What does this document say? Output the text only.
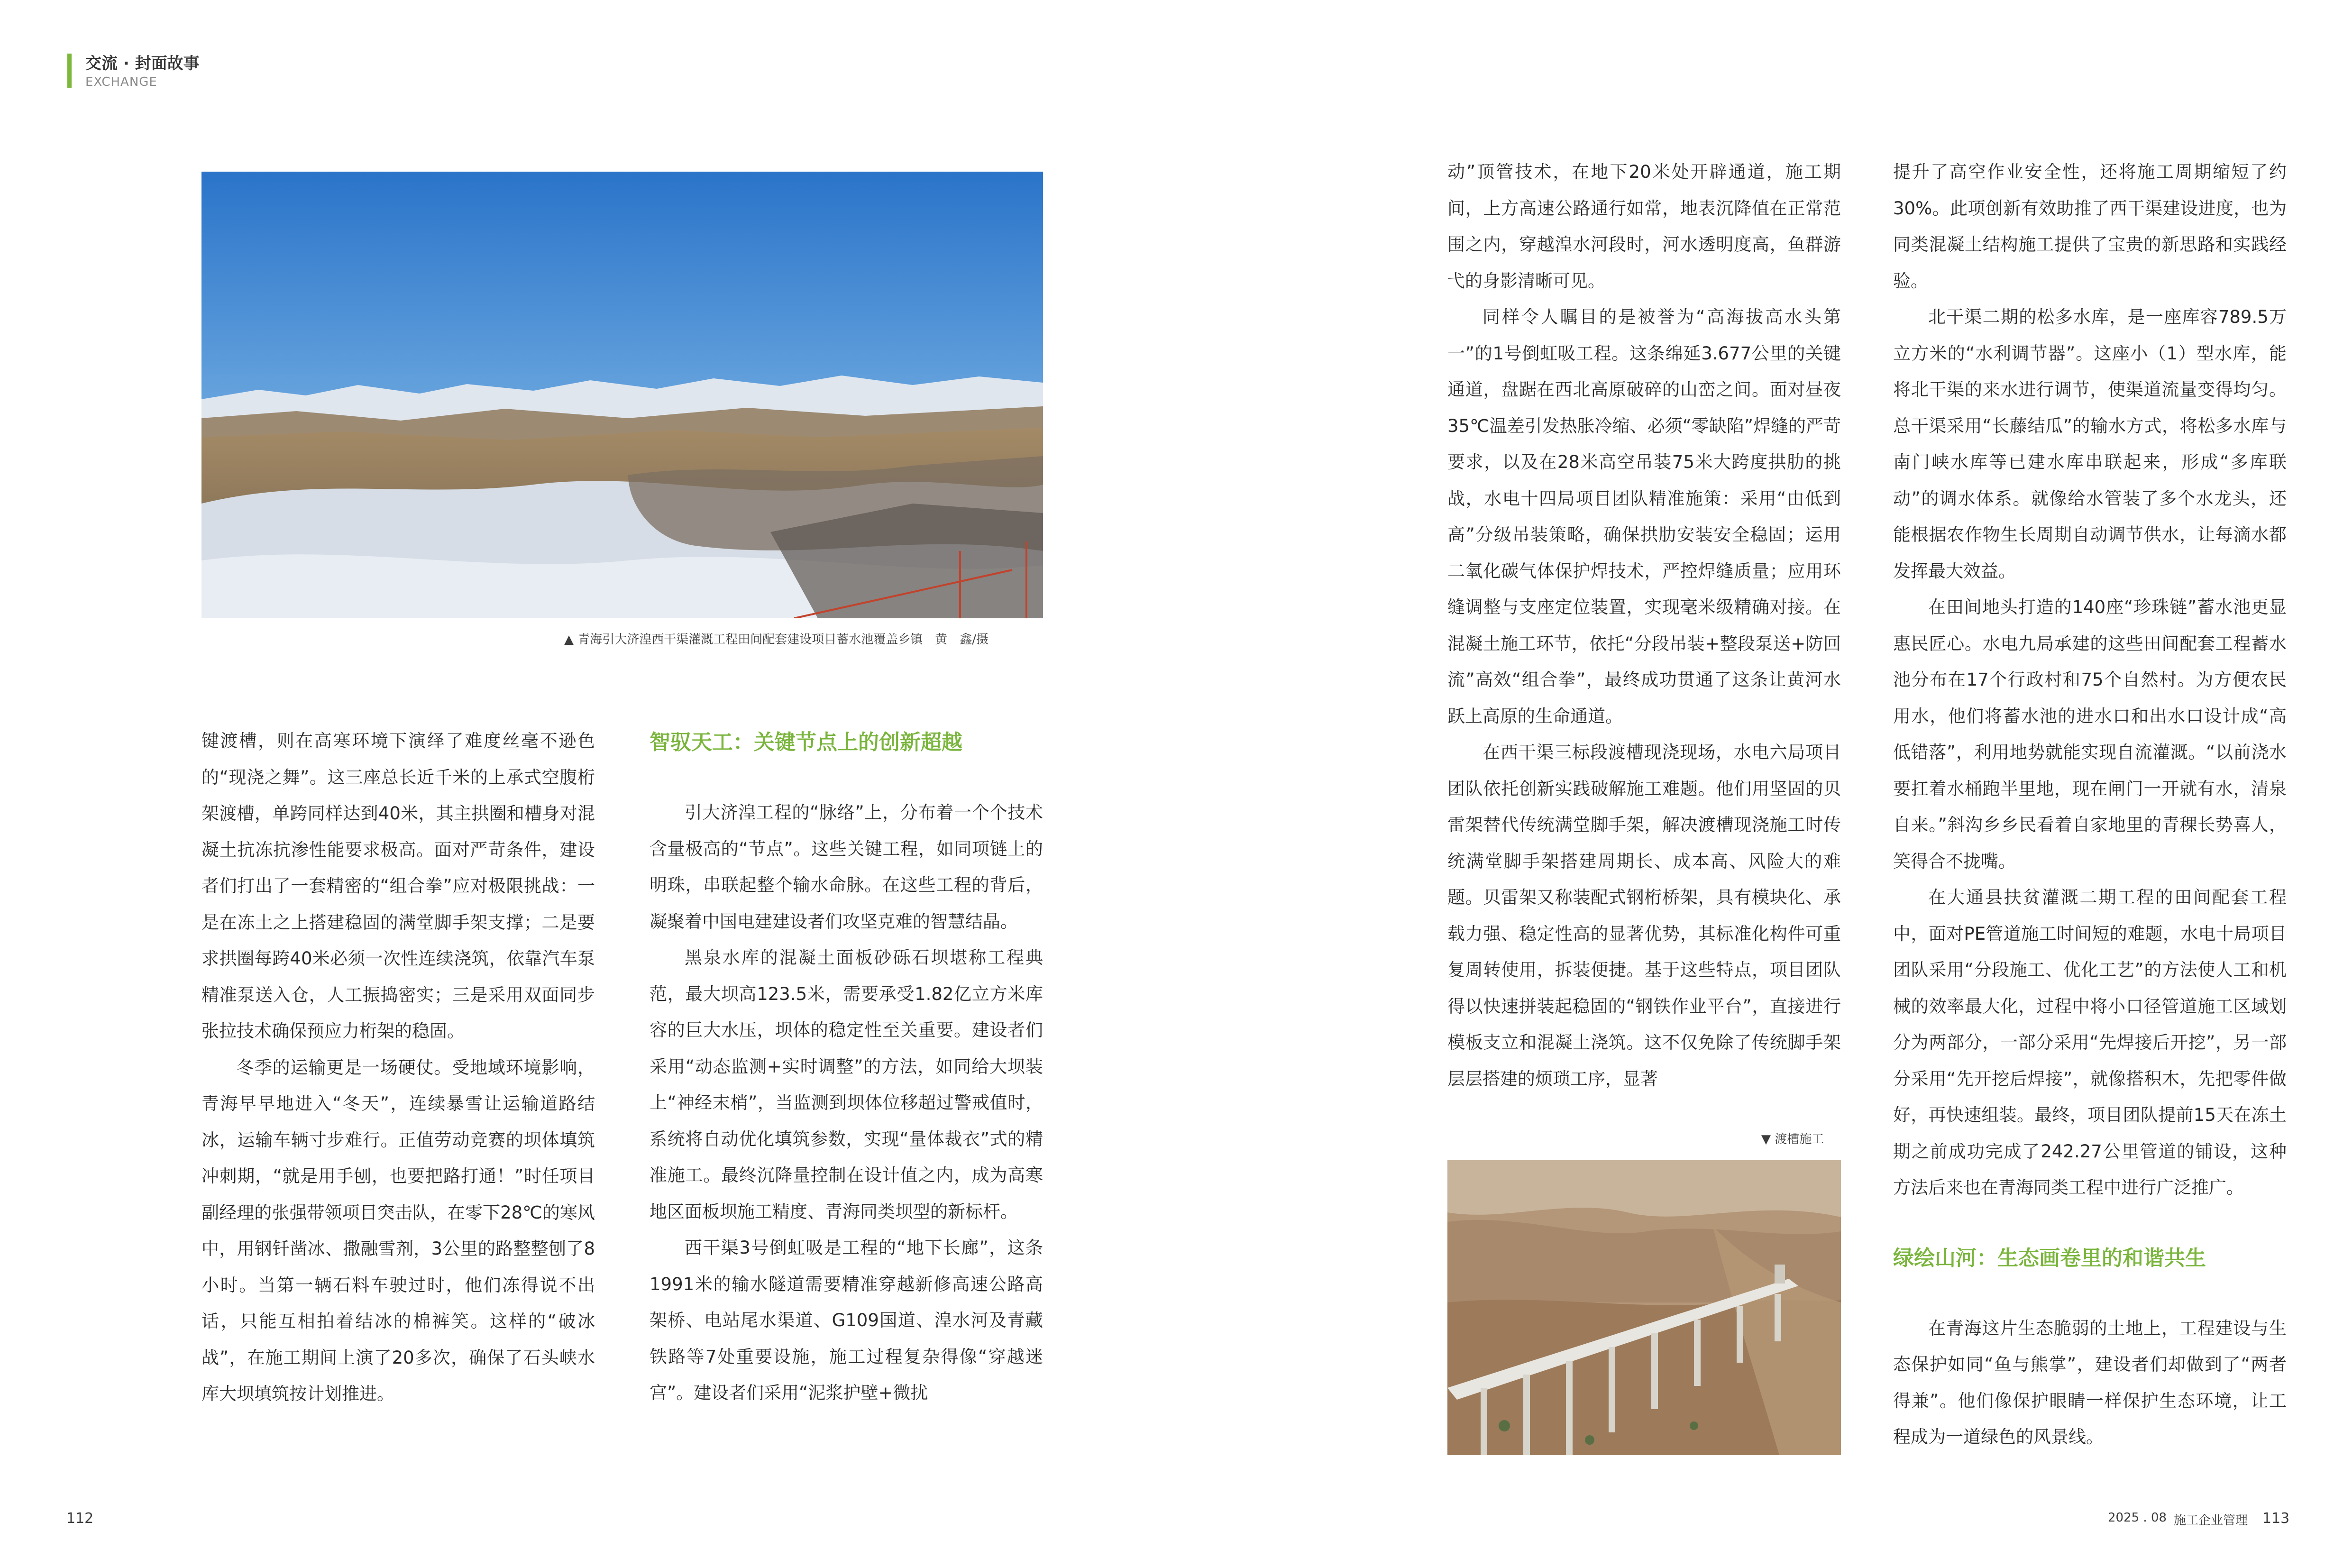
交流 · 封面故事
EXCHANGE
▲ 青海引大济湟西干渠灌溉工程田间配套建设项目蓄水池覆盖乡镇　黄　鑫/摄

键渡槽，则在高寒环境下演绎了难度丝毫不逊色的“现浇之舞”。这三座总长近千米的上承式空腹桁架渡槽，单跨同样达到40米，其主拱圈和槽身对混凝土抗冻抗渗性能要求极高。面对严苛条件，建设者们打出了一套精密的“组合拳”应对极限挑战：一是在冻土之上搭建稳固的满堂脚手架支撑；二是要求拱圈每跨40米必须一次性连续浇筑，依靠汽车泵精准泵送入仓，人工振捣密实；三是采用双面同步张拉技术确保预应力桁架的稳固。

冬季的运输更是一场硬仗。受地域环境影响，青海早早地进入“冬天”，连续暴雪让运输道路结冰，运输车辆寸步难行。正值劳动竞赛的坝体填筑冲刺期，“就是用手刨，也要把路打通！”时任项目副经理的张强带领项目突击队，在零下28℃的寒风中，用钢钎凿冰、撒融雪剂，3公里的路整整刨了8小时。当第一辆石料车驶过时，他们冻得说不出话，只能互相拍着结冰的棉裤笑。这样的“破冰战”，在施工期间上演了20多次，确保了石头峡水库大坝填筑按计划推进。

智驭天工：关键节点上的创新超越

引大济湟工程的“脉络”上，分布着一个个技术含量极高的“节点”。这些关键工程，如同项链上的明珠，串联起整个输水命脉。在这些工程的背后，凝聚着中国电建建设者们攻坚克难的智慧结晶。

黑泉水库的混凝土面板砂砾石坝堪称工程典范，最大坝高123.5米，需要承受1.82亿立方米库容的巨大水压，坝体的稳定性至关重要。建设者们采用“动态监测+实时调整”的方法，如同给大坝装上“神经末梢”，当监测到坝体位移超过警戒值时，系统将自动优化填筑参数，实现“量体裁衣”式的精准施工。最终沉降量控制在设计值之内，成为高寒地区面板坝施工精度、青海同类坝型的新标杆。

西干渠3号倒虹吸是工程的“地下长廊”，这条1991米的输水隧道需要精准穿越新修高速公路高架桥、电站尾水渠道、G109国道、湟水河及青藏铁路等7处重要设施，施工过程复杂得像“穿越迷宫”。建设者们采用“泥浆护壁+微扰

动”顶管技术，在地下20米处开辟通道，施工期间，上方高速公路通行如常，地表沉降值在正常范围之内，穿越湟水河段时，河水透明度高，鱼群游弋的身影清晰可见。

同样令人瞩目的是被誉为“高海拔高水头第一”的1号倒虹吸工程。这条绵延3.677公里的关键通道，盘踞在西北高原破碎的山峦之间。面对昼夜35℃温差引发热胀冷缩、必须“零缺陷”焊缝的严苛要求，以及在28米高空吊装75米大跨度拱肋的挑战，水电十四局项目团队精准施策：采用“由低到高”分级吊装策略，确保拱肋安装安全稳固；运用二氧化碳气体保护焊技术，严控焊缝质量；应用环缝调整与支座定位装置，实现毫米级精确对接。在混凝土施工环节，依托“分段吊装+整段泵送+防回流”高效“组合拳”，最终成功贯通了这条让黄河水跃上高原的生命通道。

在西干渠三标段渡槽现浇现场，水电六局项目团队依托创新实践破解施工难题。他们用坚固的贝雷架替代传统满堂脚手架，解决渡槽现浇施工时传统满堂脚手架搭建周期长、成本高、风险大的难题。贝雷架又称装配式钢桁桥架，具有模块化、承载力强、稳定性高的显著优势，其标准化构件可重复周转使用，拆装便捷。基于这些特点，项目团队得以快速拼装起稳固的“钢铁作业平台”，直接进行模板支立和混凝土浇筑。这不仅免除了传统脚手架层层搭建的烦琐工序，显著

▼ 渡槽施工

提升了高空作业安全性，还将施工周期缩短了约30%。此项创新有效助推了西干渠建设进度，也为同类混凝土结构施工提供了宝贵的新思路和实践经验。

北干渠二期的松多水库，是一座库容789.5万立方米的“水利调节器”。这座小（1）型水库，能将北干渠的来水进行调节，使渠道流量变得均匀。总干渠采用“长藤结瓜”的输水方式，将松多水库与南门峡水库等已建水库串联起来，形成“多库联动”的调水体系。就像给水管装了多个水龙头，还能根据农作物生长周期自动调节供水，让每滴水都发挥最大效益。

在田间地头打造的140座“珍珠链”蓄水池更显惠民匠心。水电九局承建的这些田间配套工程蓄水池分布在17个行政村和75个自然村。为方便农民用水，他们将蓄水池的进水口和出水口设计成“高低错落”，利用地势就能实现自流灌溉。“以前浇水要扛着水桶跑半里地，现在闸门一开就有水，清泉自来。”斜沟乡乡民看着自家地里的青稞长势喜人，笑得合不拢嘴。

在大通县扶贫灌溉二期工程的田间配套工程中，面对PE管道施工时间短的难题，水电十局项目团队采用“分段施工、优化工艺”的方法使人工和机械的效率最大化，过程中将小口径管道施工区域划分为两部分，一部分采用“先焊接后开挖”，另一部分采用“先开挖后焊接”，就像搭积木，先把零件做好，再快速组装。最终，项目团队提前15天在冻土期之前成功完成了242.27公里管道的铺设，这种方法后来也在青海同类工程中进行广泛推广。

绿绘山河：生态画卷里的和谐共生

在青海这片生态脆弱的土地上，工程建设与生态保护如同“鱼与熊掌”，建设者们却做到了“两者得兼”。他们像保护眼睛一样保护生态环境，让工程成为一道绿色的风景线。

112	2025 . 08 施工企业管理 113
